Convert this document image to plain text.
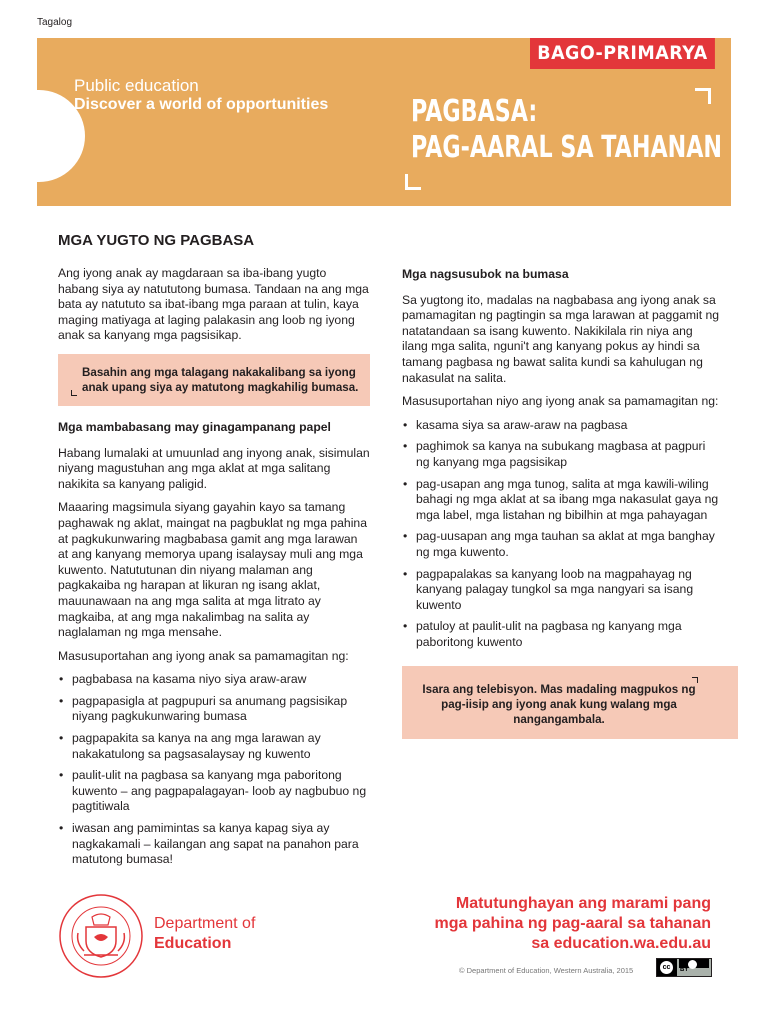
Tagalog
Public education
Discover a world of opportunities
BAGO-PRIMARYA
PAGBASA:
PAG-AARAL SA TAHANAN
MGA YUGTO NG PAGBASA

Ang iyong anak ay magdaraan sa iba-ibang yugto habang siya ay natututong bumasa. Tandaan na ang mga bata ay natututo sa ibat-ibang mga paraan at tulin, kaya maging matiyaga at laging palakasin ang loob ng iyong anak sa kanyang mga pagsisikap.

Basahin ang mga talagang nakakalibang sa iyong anak upang siya ay matutong magkahilig bumasa.
Mga mambabasang may ginagampanang papel

Habang lumalaki at umuunlad ang inyong anak, sisimulan niyang magustuhan ang mga aklat at mga salitang nakikita sa kanyang paligid.

Maaaring magsimula siyang gayahin kayo sa tamang paghawak ng aklat, maingat na pagbuklat ng mga pahina at pagkukunwaring magbabasa gamit ang mga larawan at ang kanyang memorya upang isalaysay muli ang mga kuwento. Natututunan din niyang malaman ang pagkakaiba ng harapan at likuran ng isang aklat, mauunawaan na ang mga salita at mga litrato ay magkaiba, at ang mga nakalimbag na salita ay naglalaman ng mga mensahe.

Masusuportahan ang iyong anak sa pamamagitan ng:

• pagbabasa na kasama niyo siya araw-araw
• pagpapasigla at pagpupuri sa anumang pagsisikap niyang pagkukunwaring bumasa
• pagpapakita sa kanya na ang mga larawan ay nakakatulong sa pagsasalaysay ng kuwento
• paulit-ulit na pagbasa sa kanyang mga paboritong kuwento – ang pagpapalagayan- loob ay nagbubuo ng pagtitiwala
• iwasan ang pamimintas sa kanya kapag siya ay nagkakamali – kailangan ang sapat na panahon para matutong bumasa!
Mga nagsusubok na bumasa

Sa yugtong ito, madalas na nagbabasa ang iyong anak sa pamamagitan ng pagtingin sa mga larawan at paggamit ng natatandaan sa isang kuwento. Nakikilala rin niya ang ilang mga salita, nguni't ang kanyang pokus ay hindi sa tamang pagbasa ng bawat salita kundi sa kahulugan ng nakasulat na salita.

Masusuportahan niyo ang iyong anak sa pamamagitan ng:

• kasama siya sa araw-araw na pagbasa
• paghimok sa kanya na subukang magbasa at pagpuri ng kanyang mga pagsisikap
• pag-usapan ang mga tunog, salita at mga kawili-wiling bahagi ng mga aklat at sa ibang mga nakasulat gaya ng mga label, mga listahan ng bibilhin at mga pahayagan
• pag-uusapan ang mga tauhan sa aklat at mga banghay ng mga kuwento.
• pagpapalakas sa kanyang loob na magpahayag ng kanyang palagay tungkol sa mga nangyari sa isang kuwento
• patuloy at paulit-ulit na pagbasa ng kanyang mga paboritong kuwento
Isara ang telebisyon. Mas madaling magpukos ng pag-iisip ang iyong anak kung walang mga nangangambala.
Department of
Education
Matutunghayan ang marami pang
mga pahina ng pag-aaral sa tahanan
sa education.wa.edu.au
© Department of Education, Western Australia, 2015	cc	BY
